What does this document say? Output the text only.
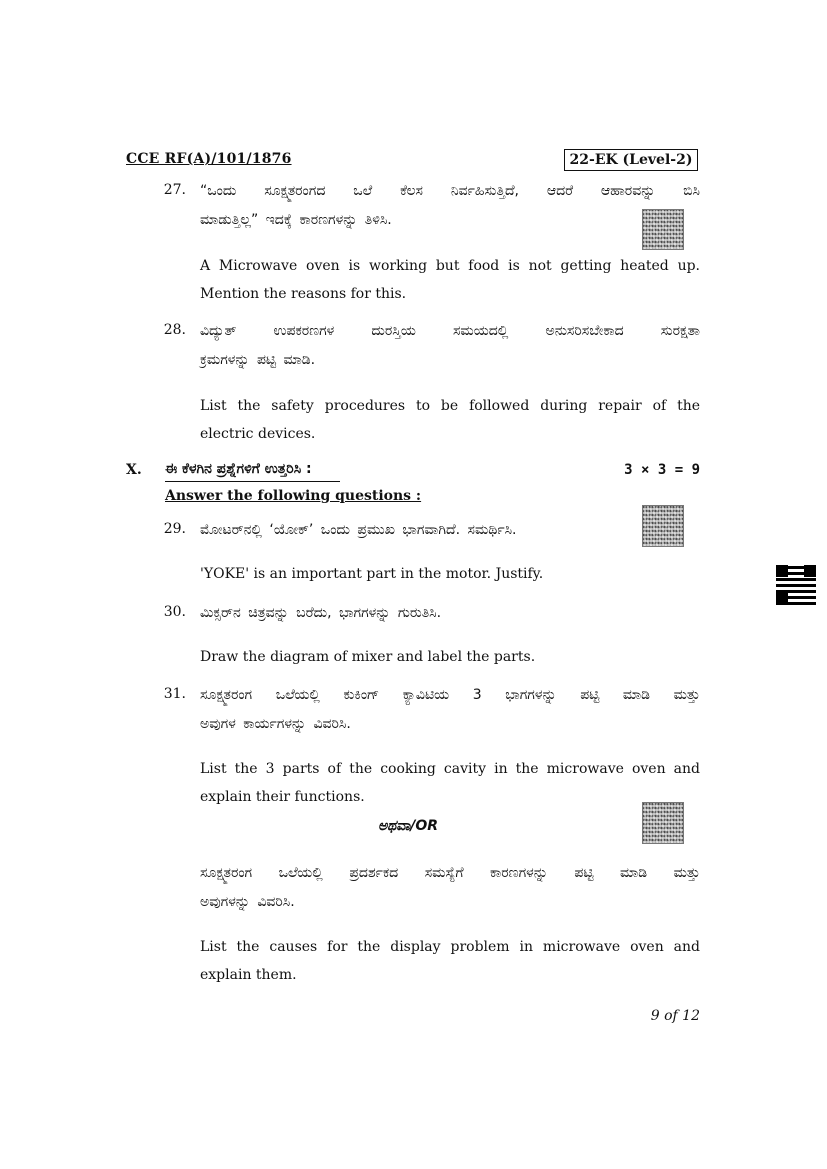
CCE RF(A)/101/1876	22-EK (Level-2)
27. “ಒಂದು ಸೂಕ್ಷ್ಮತರಂಗದ ಒಲೆ ಕೆಲಸ ನಿರ್ವಹಿಸುತ್ತಿದೆ, ಆದರೆ ಆಹಾರವನ್ನು ಬಿಸಿ
ಮಾಡುತ್ತಿಲ್ಲ” ಇದಕ್ಕೆ ಕಾರಣಗಳನ್ನು ತಿಳಿಸಿ.
A Microwave oven is working but food is not getting heated up.
Mention the reasons for this.
28. ವಿದ್ಯುತ್ ಉಪಕರಣಗಳ ದುರಸ್ತಿಯ ಸಮಯದಲ್ಲಿ ಅನುಸರಿಸಬೇಕಾದ ಸುರಕ್ಷತಾ
ಕ್ರಮಗಳನ್ನು ಪಟ್ಟಿ ಮಾಡಿ.
List the safety procedures to be followed during repair of the
electric devices.
X. ಈ ಕೆಳಗಿನ ಪ್ರಶ್ನೆಗಳಿಗೆ ಉತ್ತರಿಸಿ :	3 × 3 = 9
Answer the following questions :
29. ಮೋಟರ್‌ನಲ್ಲಿ ‘ಯೋಕ್’ ಒಂದು ಪ್ರಮುಖ ಭಾಗವಾಗಿದೆ. ಸಮರ್ಥಿಸಿ.
'YOKE' is an important part in the motor. Justify.
30. ಮಿಕ್ಸರ್‌ನ ಚಿತ್ರವನ್ನು ಬರೆದು, ಭಾಗಗಳನ್ನು ಗುರುತಿಸಿ.
Draw the diagram of mixer and label the parts.
31. ಸೂಕ್ಷ್ಮತರಂಗ ಒಲೆಯಲ್ಲಿ ಕುಕಿಂಗ್ ಕ್ಯಾವಿಟಿಯ 3 ಭಾಗಗಳನ್ನು ಪಟ್ಟಿ ಮಾಡಿ ಮತ್ತು
ಅವುಗಳ ಕಾರ್ಯಗಳನ್ನು ವಿವರಿಸಿ.
List the 3 parts of the cooking cavity in the microwave oven and
explain their functions.
ಅಥವಾ/OR
ಸೂಕ್ಷ್ಮತರಂಗ ಒಲೆಯಲ್ಲಿ ಪ್ರದರ್ಶಕದ ಸಮಸ್ಯೆಗೆ ಕಾರಣಗಳನ್ನು ಪಟ್ಟಿ ಮಾಡಿ ಮತ್ತು
ಅವುಗಳನ್ನು ವಿವರಿಸಿ.
List the causes for the display problem in microwave oven and
explain them.
9 of 12
